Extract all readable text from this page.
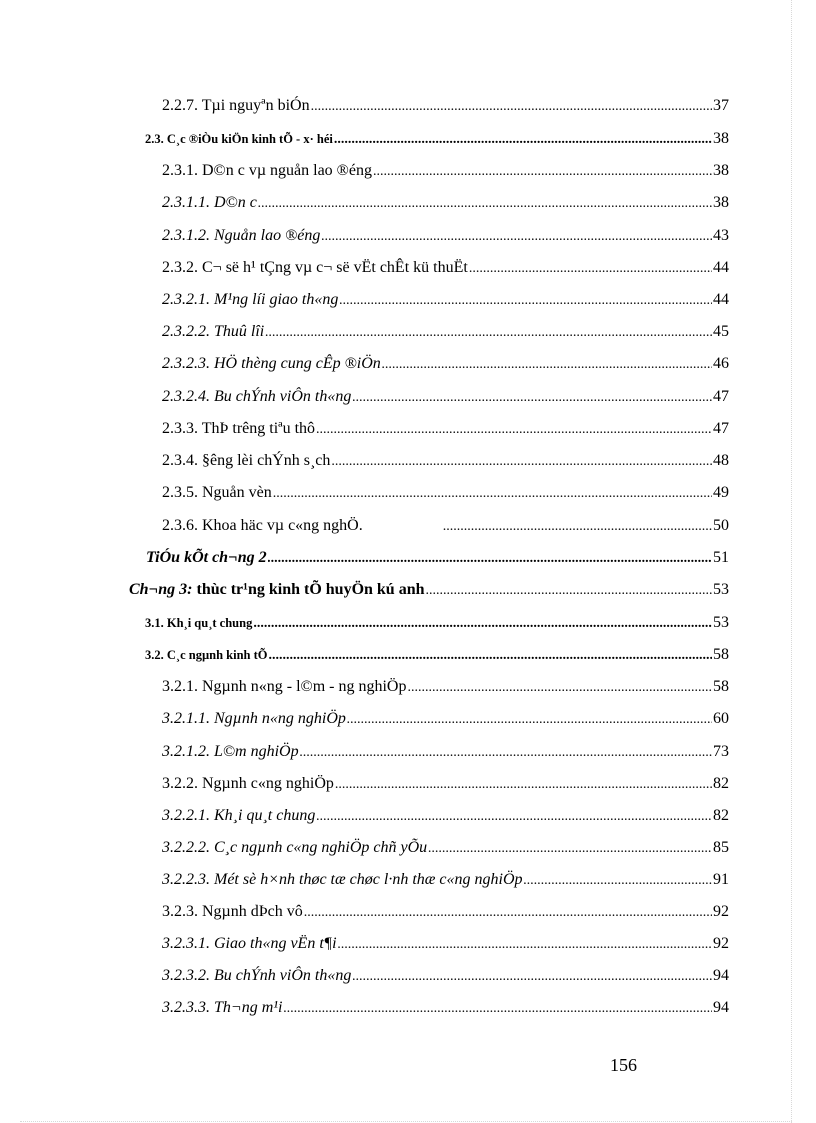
2.2.7. Tµi nguyªn biÓn .....	37
2.3. C¸c ®iÒu kiÖn kinh tÕ - x· héi .....	38
2.3.1. D©n c vµ nguån lao ®éng .....	38
2.3.1.1. D©n c .....	38
2.3.1.2. Nguån lao ®éng .....	43
2.3.2. C¬ së h¹ tÇng vµ c¬ së vËt chÊt kü thuËt .....	44
2.3.2.1. M¹ng líi giao th«ng .....	44
2.3.2.2. Thuû lîi .....	45
2.3.2.3. HÖ thèng cung cÊp ®iÖn .....	46
2.3.2.4. Bu chÝnh viÔn th«ng .....	47
2.3.3. ThÞ trêng tiªu thô .....	47
2.3.4. §êng lèi chÝnh s¸ch .....	48
2.3.5. Nguån vèn .....	49
2.3.6. Khoa häc vµ c«ng nghÖ. .....	50
TiÓu kÕt ch¬ng 2 .....	51
Ch¬ng 3: thùc tr¹ng kinh tÕ huyÖn kú anh .....	53
3.1. Kh¸i qu¸t chung .....	53
3.2. C¸c ngµnh kinh tÕ .....	58
3.2.1. Ngµnh n«ng - l©m - ng nghiÖp .....	58
3.2.1.1. Ngµnh n«ng nghiÖp .....	60
3.2.1.2. L©m nghiÖp .....	73
3.2.2. Ngµnh c«ng nghiÖp .....	82
3.2.2.1. Kh¸i qu¸t chung .....	82
3.2.2.2. C¸c ngµnh c«ng nghiÖp chñ yÕu .....	85
3.2.2.3. Mét sè h×nh thøc tæ chøc l·nh thæ c«ng nghiÖp .....	91
3.2.3. Ngµnh dÞch vô .....	92
3.2.3.1. Giao th«ng vËn t¶i .....	92
3.2.3.2. Bu chÝnh viÔn th«ng .....	94
3.2.3.3. Th¬ng m¹i .....	94
156
